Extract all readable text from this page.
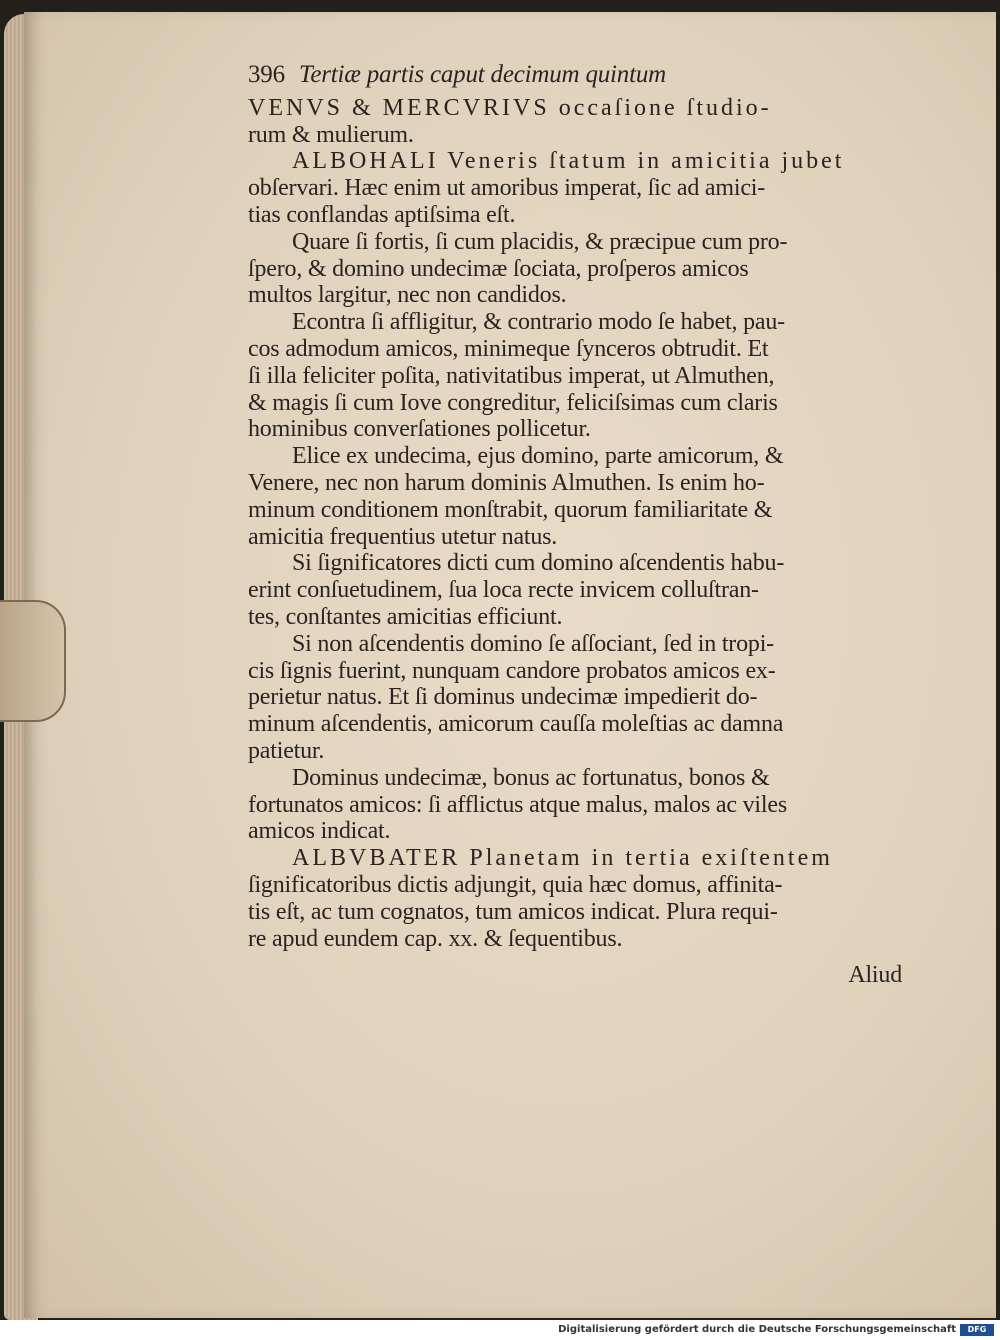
396 Tertiæ partis caput decimum quintum
VENVS & MERCVRIVS occaſione ſtudio-
rum & mulierum.
ALBOHALI Veneris ſtatum in amicitia jubet
obſervari. Hæc enim ut amoribus imperat, ſic ad amici-
tias conflandas aptiſsima eſt.
Quare ſi fortis, ſi cum placidis, & præcipue cum pro-
ſpero, & domino undecimæ ſociata, proſperos amicos
multos largitur, nec non candidos.
Econtra ſi affligitur, & contrario modo ſe habet, pau-
cos admodum amicos, minimeque ſynceros obtrudit. Et
ſi illa feliciter poſita, nativitatibus imperat, ut Almuthen,
& magis ſi cum Iove congreditur, feliciſsimas cum claris
hominibus converſationes pollicetur.
Elice ex undecima, ejus domino, parte amicorum, &
Venere, nec non harum dominis Almuthen. Is enim ho-
minum conditionem monſtrabit, quorum familiaritate &
amicitia frequentius utetur natus.
Si ſignificatores dicti cum domino aſcendentis habu-
erint conſuetudinem, ſua loca recte invicem colluſtran-
tes, conſtantes amicitias efficiunt.
Si non aſcendentis domino ſe aſſociant, ſed in tropi-
cis ſignis fuerint, nunquam candore probatos amicos ex-
perietur natus. Et ſi dominus undecimæ impedierit do-
minum aſcendentis, amicorum cauſſa moleſtias ac damna
patietur.
Dominus undecimæ, bonus ac fortunatus, bonos &
fortunatos amicos: ſi afflictus atque malus, malos ac viles
amicos indicat.
ALBVBATER Planetam in tertia exiſtentem
ſignificatoribus dictis adjungit, quia hæc domus, affinita-
tis eſt, ac tum cognatos, tum amicos indicat. Plura requi-
re apud eundem cap. xx. & ſequentibus.
Aliud
Digitalisierung gefördert durch die Deutsche Forschungsgemeinschaft	DFG
